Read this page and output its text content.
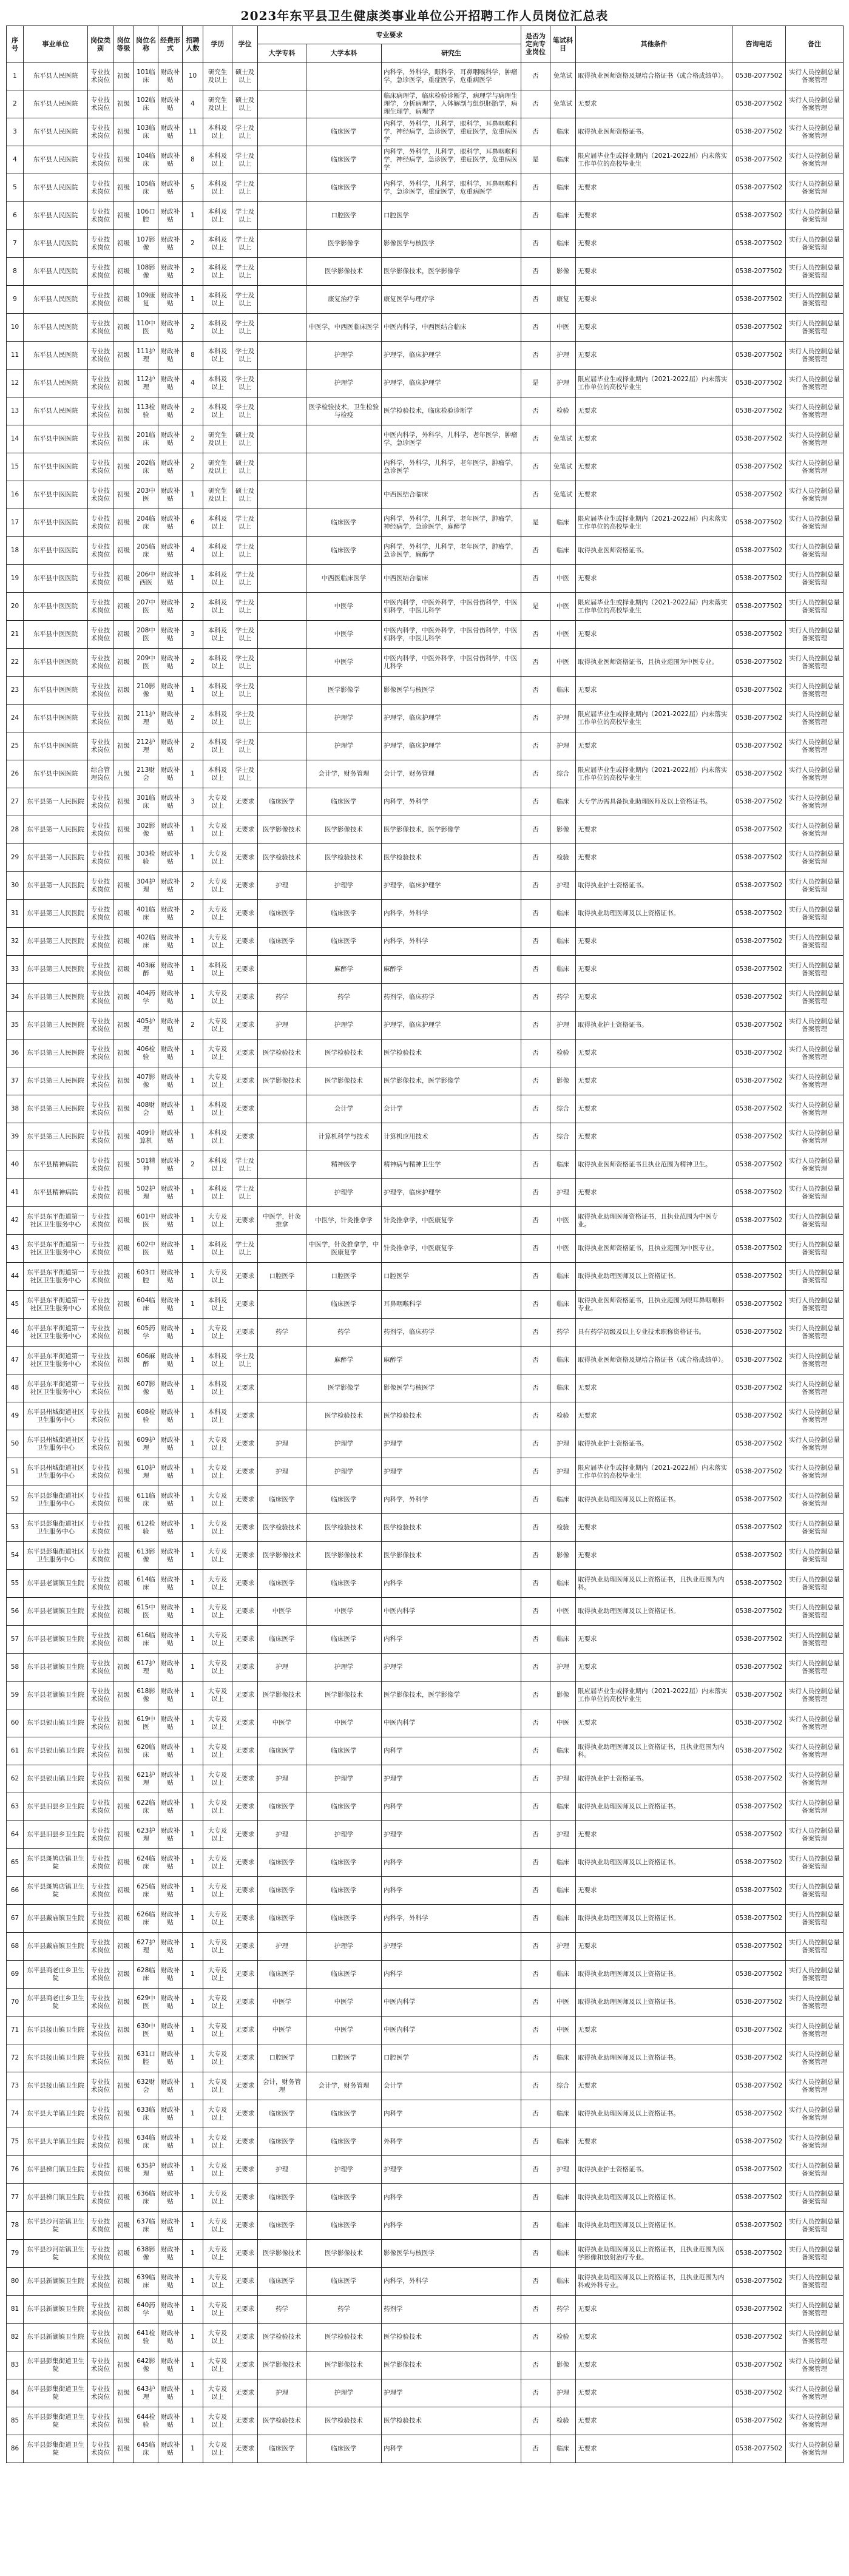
2023年东平县卫生健康类事业单位公开招聘工作人员岗位汇总表
序号	事业单位	岗位类别	岗位等级	岗位名称	经费形式	招聘人数	学历	学位	专业要求			是否为定向专业岗位	笔试科目	其他条件	咨询电话	备注
									大学专科	大学本科	研究生					
1	东平县人民医院	专业技术岗位	初级	101临床	财政补贴	10	研究生及以上	硕士及以上			内科学，外科学，眼科学，耳鼻咽喉科学，肿瘤学，急诊医学，重症医学，危重病医学	否	免笔试	取得执业医师资格及规培合格证书（或合格成绩单）。	0538-2077502	实行人员控制总量备案管理
2	东平县人民医院	专业技术岗位	初级	102临床	财政补贴	4	研究生及以上	硕士及以上			临床病理学，临床检验诊断学，病理学与病理生理学，分析病理学，人体解剖与组织胚胎学，病理生理学，病理学	否	免笔试	无要求	0538-2077502	实行人员控制总量备案管理
3	东平县人民医院	专业技术岗位	初级	103临床	财政补贴	11	本科及以上	学士及以上		临床医学	内科学，外科学，儿科学，眼科学，耳鼻咽喉科学，神经病学，急诊医学，重症医学，危重病医学	否	临床	取得执业医师资格证书。	0538-2077502	实行人员控制总量备案管理
4	东平县人民医院	专业技术岗位	初级	104临床	财政补贴	8	本科及以上	学士及以上		临床医学	内科学，外科学，儿科学，眼科学，耳鼻咽喉科学，神经病学，急诊医学，重症医学，危重病医学	是	临床	限应届毕业生或择业期内（2021-2022届）内未落实工作单位的高校毕业生	0538-2077502	实行人员控制总量备案管理
5	东平县人民医院	专业技术岗位	初级	105临床	财政补贴	5	本科及以上	学士及以上		临床医学	内科学，外科学，儿科学，眼科学，耳鼻咽喉科学，急诊医学，重症医学，危重病医学	否	临床	无要求	0538-2077502	实行人员控制总量备案管理
6	东平县人民医院	专业技术岗位	初级	106口腔	财政补贴	1	本科及以上	学士及以上		口腔医学	口腔医学	否	临床	无要求	0538-2077502	实行人员控制总量备案管理
7	东平县人民医院	专业技术岗位	初级	107影像	财政补贴	2	本科及以上	学士及以上		医学影像学	影像医学与核医学	否	临床	无要求	0538-2077502	实行人员控制总量备案管理
8	东平县人民医院	专业技术岗位	初级	108影像	财政补贴	2	本科及以上	学士及以上		医学影像技术	医学影像技术，医学影像学	否	影像	无要求	0538-2077502	实行人员控制总量备案管理
9	东平县人民医院	专业技术岗位	初级	109康复	财政补贴	1	本科及以上	学士及以上		康复治疗学	康复医学与理疗学	否	康复	无要求	0538-2077502	实行人员控制总量备案管理
10	东平县人民医院	专业技术岗位	初级	110中医	财政补贴	2	本科及以上	学士及以上		中医学，中西医临床医学	中医内科学，中西医结合临床	否	中医	无要求	0538-2077502	实行人员控制总量备案管理
11	东平县人民医院	专业技术岗位	初级	111护理	财政补贴	8	本科及以上	学士及以上		护理学	护理学，临床护理学	否	护理	无要求	0538-2077502	实行人员控制总量备案管理
12	东平县人民医院	专业技术岗位	初级	112护理	财政补贴	4	本科及以上	学士及以上		护理学	护理学，临床护理学	是	护理	限应届毕业生或择业期内（2021-2022届）内未落实工作单位的高校毕业生	0538-2077502	实行人员控制总量备案管理
13	东平县人民医院	专业技术岗位	初级	113检验	财政补贴	2	本科及以上	学士及以上		医学检验技术，卫生检验与检疫	医学检验技术，临床检验诊断学	否	检验	无要求	0538-2077502	实行人员控制总量备案管理
14	东平县中医医院	专业技术岗位	初级	201临床	财政补贴	2	研究生及以上	硕士及以上			中医内科学，外科学，儿科学，老年医学，肿瘤学，急诊医学	否	免笔试	无要求	0538-2077502	实行人员控制总量备案管理
15	东平县中医医院	专业技术岗位	初级	202临床	财政补贴	2	研究生及以上	硕士及以上			内科学，外科学，儿科学，老年医学，肿瘤学，急诊医学	否	免笔试	无要求	0538-2077502	实行人员控制总量备案管理
16	东平县中医医院	专业技术岗位	初级	203中医	财政补贴	1	研究生及以上	硕士及以上			中西医结合临床	否	免笔试	无要求	0538-2077502	实行人员控制总量备案管理
17	东平县中医医院	专业技术岗位	初级	204临床	财政补贴	6	本科及以上	学士及以上		临床医学	内科学，外科学，儿科学，老年医学，肿瘤学，神经病学，急诊医学，麻醉学	是	临床	限应届毕业生或择业期内（2021-2022届）内未落实工作单位的高校毕业生	0538-2077502	实行人员控制总量备案管理
18	东平县中医医院	专业技术岗位	初级	205临床	财政补贴	4	本科及以上	学士及以上		临床医学	内科学，外科学，儿科学，老年医学，肿瘤学，急诊医学，麻醉学	否	临床	取得执业医师资格证书。	0538-2077502	实行人员控制总量备案管理
19	东平县中医医院	专业技术岗位	初级	206中西医	财政补贴	1	本科及以上	学士及以上		中西医临床医学	中西医结合临床	否	中医	无要求	0538-2077502	实行人员控制总量备案管理
20	东平县中医医院	专业技术岗位	初级	207中医	财政补贴	2	本科及以上	学士及以上		中医学	中医内科学，中医外科学，中医骨伤科学，中医妇科学，中医儿科学	是	中医	限应届毕业生或择业期内（2021-2022届）内未落实工作单位的高校毕业生	0538-2077502	实行人员控制总量备案管理
21	东平县中医医院	专业技术岗位	初级	208中医	财政补贴	3	本科及以上	学士及以上		中医学	中医内科学，中医外科学，中医骨伤科学，中医妇科学，中医儿科学	否	中医	无要求	0538-2077502	实行人员控制总量备案管理
22	东平县中医医院	专业技术岗位	初级	209中医	财政补贴	2	本科及以上	学士及以上		中医学	中医内科学，中医外科学，中医骨伤科学，中医儿科学	否	中医	取得执业医师资格证书，且执业范围为中医专业。	0538-2077502	实行人员控制总量备案管理
23	东平县中医医院	专业技术岗位	初级	210影像	财政补贴	1	本科及以上	学士及以上		医学影像学	影像医学与核医学	否	临床	无要求	0538-2077502	实行人员控制总量备案管理
24	东平县中医医院	专业技术岗位	初级	211护理	财政补贴	2	本科及以上	学士及以上		护理学	护理学，临床护理学	否	护理	限应届毕业生或择业期内（2021-2022届）内未落实工作单位的高校毕业生	0538-2077502	实行人员控制总量备案管理
25	东平县中医医院	专业技术岗位	初级	212护理	财政补贴	2	本科及以上	学士及以上		护理学	护理学，临床护理学	否	护理	无要求	0538-2077502	实行人员控制总量备案管理
26	东平县中医医院	综合管理岗位	九级	213财会	财政补贴	1	本科及以上	学士及以上		会计学，财务管理	会计学，财务管理	否	综合	限应届毕业生或择业期内（2021-2022届）内未落实工作单位的高校毕业生	0538-2077502	实行人员控制总量备案管理
27	东平县第一人民医院	专业技术岗位	初级	301临床	财政补贴	3	大专及以上	无要求	临床医学	临床医学	内科学，外科学	否	临床	大专学历需具备执业助理医师及以上资格证书。	0538-2077502	实行人员控制总量备案管理
28	东平县第一人民医院	专业技术岗位	初级	302影像	财政补贴	1	大专及以上	无要求	医学影像技术	医学影像技术	医学影像技术，医学影像学	否	影像	无要求	0538-2077502	实行人员控制总量备案管理
29	东平县第一人民医院	专业技术岗位	初级	303检验	财政补贴	1	大专及以上	无要求	医学检验技术	医学检验技术	医学检验技术	否	检验	无要求	0538-2077502	实行人员控制总量备案管理
30	东平县第一人民医院	专业技术岗位	初级	304护理	财政补贴	2	大专及以上	无要求	护理	护理学	护理学，临床护理学	否	护理	取得执业护士资格证书。	0538-2077502	实行人员控制总量备案管理
31	东平县第三人民医院	专业技术岗位	初级	401临床	财政补贴	2	大专及以上	无要求	临床医学	临床医学	内科学，外科学	否	临床	取得执业助理医师及以上资格证书。	0538-2077502	实行人员控制总量备案管理
32	东平县第三人民医院	专业技术岗位	初级	402临床	财政补贴	1	大专及以上	无要求	临床医学	临床医学	内科学，外科学	否	临床	无要求	0538-2077502	实行人员控制总量备案管理
33	东平县第三人民医院	专业技术岗位	初级	403麻醉	财政补贴	1	本科及以上	无要求		麻醉学	麻醉学	否	临床	无要求	0538-2077502	实行人员控制总量备案管理
34	东平县第三人民医院	专业技术岗位	初级	404药学	财政补贴	1	大专及以上	无要求	药学	药学	药剂学，临床药学	否	药学	无要求	0538-2077502	实行人员控制总量备案管理
35	东平县第三人民医院	专业技术岗位	初级	405护理	财政补贴	2	大专及以上	无要求	护理	护理学	护理学，临床护理学	否	护理	取得执业护士资格证书。	0538-2077502	实行人员控制总量备案管理
36	东平县第三人民医院	专业技术岗位	初级	406检验	财政补贴	1	大专及以上	无要求	医学检验技术	医学检验技术	医学检验技术	否	检验	无要求	0538-2077502	实行人员控制总量备案管理
37	东平县第三人民医院	专业技术岗位	初级	407影像	财政补贴	1	大专及以上	无要求	医学影像技术	医学影像技术	医学影像技术，医学影像学	否	影像	无要求	0538-2077502	实行人员控制总量备案管理
38	东平县第三人民医院	专业技术岗位	初级	408财会	财政补贴	1	本科及以上	无要求		会计学	会计学	否	综合	无要求	0538-2077502	实行人员控制总量备案管理
39	东平县第三人民医院	专业技术岗位	初级	409计算机	财政补贴	1	本科及以上	无要求		计算机科学与技术	计算机应用技术	否	综合	无要求	0538-2077502	实行人员控制总量备案管理
40	东平县精神病院	专业技术岗位	初级	501精神	财政补贴	2	本科及以上	学士及以上		精神医学	精神病与精神卫生学	否	临床	取得执业医师资格证书且执业范围为精神卫生。	0538-2077502	实行人员控制总量备案管理
41	东平县精神病院	专业技术岗位	初级	502护理	财政补贴	1	本科及以上	学士及以上		护理学	护理学，临床护理学	否	护理	无要求	0538-2077502	实行人员控制总量备案管理
42	东平县东平街道第一社区卫生服务中心	专业技术岗位	初级	601中医	财政补贴	1	大专及以上	无要求	中医学，针灸推拿	中医学，针灸推拿学	针灸推拿学，中医康复学	否	中医	取得执业助理医师资格证书，且执业范围为中医专业。	0538-2077502	实行人员控制总量备案管理
43	东平县东平街道第一社区卫生服务中心	专业技术岗位	初级	602中医	财政补贴	1	本科及以上	学士及以上		中医学，针灸推拿学，中医康复学	针灸推拿学，中医康复学	否	中医	取得执业医师资格证书，且执业范围为中医专业。	0538-2077502	实行人员控制总量备案管理
44	东平县东平街道第一社区卫生服务中心	专业技术岗位	初级	603口腔	财政补贴	1	大专及以上	无要求	口腔医学	口腔医学	口腔医学	否	临床	取得执业助理医师及以上资格证书。	0538-2077502	实行人员控制总量备案管理
45	东平县东平街道第一社区卫生服务中心	专业技术岗位	初级	604临床	财政补贴	1	本科及以上	无要求		临床医学	耳鼻咽喉科学	否	临床	取得执业医师资格证书，且执业范围为眼耳鼻咽喉科专业。	0538-2077502	实行人员控制总量备案管理
46	东平县东平街道第一社区卫生服务中心	专业技术岗位	初级	605药学	财政补贴	1	大专及以上	无要求	药学	药学	药剂学，临床药学	否	药学	具有药学初级及以上专业技术职称资格证书。	0538-2077502	实行人员控制总量备案管理
47	东平县东平街道第一社区卫生服务中心	专业技术岗位	初级	606麻醉	财政补贴	1	本科及以上	学士及以上		麻醉学	麻醉学	否	临床	取得执业医师资格及规培合格证书（或合格成绩单）。	0538-2077502	实行人员控制总量备案管理
48	东平县东平街道第一社区卫生服务中心	专业技术岗位	初级	607影像	财政补贴	1	本科及以上	无要求		医学影像学	影像医学与核医学	否	临床	无要求	0538-2077502	实行人员控制总量备案管理
49	东平县州城街道社区卫生服务中心	专业技术岗位	初级	608检验	财政补贴	1	本科及以上	无要求		医学检验技术	医学检验技术	否	检验	无要求	0538-2077502	实行人员控制总量备案管理
50	东平县州城街道社区卫生服务中心	专业技术岗位	初级	609护理	财政补贴	1	大专及以上	无要求	护理	护理学	护理学	否	护理	取得执业护士资格证书。	0538-2077502	实行人员控制总量备案管理
51	东平县州城街道社区卫生服务中心	专业技术岗位	初级	610护理	财政补贴	1	大专及以上	无要求	护理	护理学	护理学	否	护理	限应届毕业生或择业期内（2021-2022届）内未落实工作单位的高校毕业生	0538-2077502	实行人员控制总量备案管理
52	东平县彭集街道社区卫生服务中心	专业技术岗位	初级	611临床	财政补贴	1	大专及以上	无要求	临床医学	临床医学	内科学，外科学	否	临床	取得执业助理医师及以上资格证书。	0538-2077502	实行人员控制总量备案管理
53	东平县彭集街道社区卫生服务中心	专业技术岗位	初级	612检验	财政补贴	1	大专及以上	无要求	医学检验技术	医学检验技术	医学检验技术	否	检验	无要求	0538-2077502	实行人员控制总量备案管理
54	东平县彭集街道社区卫生服务中心	专业技术岗位	初级	613影像	财政补贴	1	大专及以上	无要求	医学影像技术	医学影像技术	医学影像技术	否	影像	无要求	0538-2077502	实行人员控制总量备案管理
55	东平县老湖镇卫生院	专业技术岗位	初级	614临床	财政补贴	1	大专及以上	无要求	临床医学	临床医学	内科学	否	临床	取得执业助理医师及以上资格证书，且执业范围为内科。	0538-2077502	实行人员控制总量备案管理
56	东平县老湖镇卫生院	专业技术岗位	初级	615中医	财政补贴	1	大专及以上	无要求	中医学	中医学	中医内科学	否	中医	取得执业助理医师及以上资格证书。	0538-2077502	实行人员控制总量备案管理
57	东平县老湖镇卫生院	专业技术岗位	初级	616临床	财政补贴	1	大专及以上	无要求	临床医学	临床医学	内科学	否	临床	无要求	0538-2077502	实行人员控制总量备案管理
58	东平县老湖镇卫生院	专业技术岗位	初级	617护理	财政补贴	1	大专及以上	无要求	护理	护理学	护理学	否	护理	无要求	0538-2077502	实行人员控制总量备案管理
59	东平县老湖镇卫生院	专业技术岗位	初级	618影像	财政补贴	1	大专及以上	无要求	医学影像技术	医学影像技术	医学影像技术，医学影像学	否	影像	限应届毕业生或择业期内（2021-2022届）内未落实工作单位的高校毕业生	0538-2077502	实行人员控制总量备案管理
60	东平县银山镇卫生院	专业技术岗位	初级	619中医	财政补贴	1	大专及以上	无要求	中医学	中医学	中医内科学	否	中医	无要求	0538-2077502	实行人员控制总量备案管理
61	东平县银山镇卫生院	专业技术岗位	初级	620临床	财政补贴	1	大专及以上	无要求	临床医学	临床医学	内科学	否	临床	取得执业助理医师及以上资格证书，且执业范围为内科。	0538-2077502	实行人员控制总量备案管理
62	东平县银山镇卫生院	专业技术岗位	初级	621护理	财政补贴	1	大专及以上	无要求	护理	护理学	护理学	否	护理	取得执业护士资格证书。	0538-2077502	实行人员控制总量备案管理
63	东平县旧县乡卫生院	专业技术岗位	初级	622临床	财政补贴	1	大专及以上	无要求	临床医学	临床医学	内科学	否	临床	取得执业助理医师及以上资格证书。	0538-2077502	实行人员控制总量备案管理
64	东平县旧县乡卫生院	专业技术岗位	初级	623护理	财政补贴	1	大专及以上	无要求	护理	护理学	护理学	否	护理	无要求	0538-2077502	实行人员控制总量备案管理
65	东平县斑鸠店镇卫生院	专业技术岗位	初级	624临床	财政补贴	1	大专及以上	无要求	临床医学	临床医学	内科学	否	临床	取得执业助理医师及以上资格证书。	0538-2077502	实行人员控制总量备案管理
66	东平县斑鸠店镇卫生院	专业技术岗位	初级	625临床	财政补贴	1	大专及以上	无要求	临床医学	临床医学	内科学	否	临床	无要求	0538-2077502	实行人员控制总量备案管理
67	东平县戴庙镇卫生院	专业技术岗位	初级	626临床	财政补贴	1	大专及以上	无要求	临床医学	临床医学	内科学，外科学	否	临床	取得执业助理医师及以上资格证书。	0538-2077502	实行人员控制总量备案管理
68	东平县戴庙镇卫生院	专业技术岗位	初级	627护理	财政补贴	1	大专及以上	无要求	护理	护理学	护理学	否	护理	无要求	0538-2077502	实行人员控制总量备案管理
69	东平县商老庄乡卫生院	专业技术岗位	初级	628临床	财政补贴	1	大专及以上	无要求	临床医学	临床医学	内科学	否	临床	取得执业助理医师及以上资格证书。	0538-2077502	实行人员控制总量备案管理
70	东平县商老庄乡卫生院	专业技术岗位	初级	629中医	财政补贴	1	大专及以上	无要求	中医学	中医学	中医内科学	否	中医	取得执业助理医师及以上资格证书。	0538-2077502	实行人员控制总量备案管理
71	东平县接山镇卫生院	专业技术岗位	初级	630中医	财政补贴	1	大专及以上	无要求	中医学	中医学	中医内科学	否	中医	无要求	0538-2077502	实行人员控制总量备案管理
72	东平县接山镇卫生院	专业技术岗位	初级	631口腔	财政补贴	1	大专及以上	无要求	口腔医学	口腔医学	口腔医学	否	临床	取得执业助理医师及以上资格证书。	0538-2077502	实行人员控制总量备案管理
73	东平县接山镇卫生院	专业技术岗位	初级	632财会	财政补贴	1	大专及以上	无要求	会计，财务管理	会计学，财务管理	会计学	否	综合	无要求	0538-2077502	实行人员控制总量备案管理
74	东平县大羊镇卫生院	专业技术岗位	初级	633临床	财政补贴	1	大专及以上	无要求	临床医学	临床医学	内科学	否	临床	取得执业助理医师及以上资格证书。	0538-2077502	实行人员控制总量备案管理
75	东平县大羊镇卫生院	专业技术岗位	初级	634临床	财政补贴	1	大专及以上	无要求	临床医学	临床医学	外科学	否	临床	无要求	0538-2077502	实行人员控制总量备案管理
76	东平县梯门镇卫生院	专业技术岗位	初级	635护理	财政补贴	1	大专及以上	无要求	护理	护理学	护理学	否	护理	取得执业护士资格证书。	0538-2077502	实行人员控制总量备案管理
77	东平县梯门镇卫生院	专业技术岗位	初级	636临床	财政补贴	1	大专及以上	无要求	临床医学	临床医学	内科学	否	临床	取得执业助理医师及以上资格证书。	0538-2077502	实行人员控制总量备案管理
78	东平县沙河站镇卫生院	专业技术岗位	初级	637临床	财政补贴	1	大专及以上	无要求	临床医学	临床医学	内科学	否	临床	取得执业助理医师及以上资格证书。	0538-2077502	实行人员控制总量备案管理
79	东平县沙河站镇卫生院	专业技术岗位	初级	638影像	财政补贴	1	大专及以上	无要求	医学影像技术	医学影像技术	影像医学与核医学	否	临床	取得执业助理医师及以上资格证书，且执业范围为医学影像和放射治疗专业。	0538-2077502	实行人员控制总量备案管理
80	东平县新湖镇卫生院	专业技术岗位	初级	639临床	财政补贴	1	大专及以上	无要求	临床医学	临床医学	内科学，外科学	否	临床	取得执业助理医师及以上资格证书，且执业范围为内科或外科专业。	0538-2077502	实行人员控制总量备案管理
81	东平县新湖镇卫生院	专业技术岗位	初级	640药学	财政补贴	1	大专及以上	无要求	药学	药学	药剂学	否	药学	无要求	0538-2077502	实行人员控制总量备案管理
82	东平县新湖镇卫生院	专业技术岗位	初级	641检验	财政补贴	1	大专及以上	无要求	医学检验技术	医学检验技术	医学检验技术	否	检验	无要求	0538-2077502	实行人员控制总量备案管理
83	东平县彭集街道卫生院	专业技术岗位	初级	642影像	财政补贴	1	大专及以上	无要求	医学影像技术	医学影像技术	医学影像技术	否	影像	无要求	0538-2077502	实行人员控制总量备案管理
84	东平县彭集街道卫生院	专业技术岗位	初级	643护理	财政补贴	1	大专及以上	无要求	护理	护理学	护理学	否	护理	无要求	0538-2077502	实行人员控制总量备案管理
85	东平县彭集街道卫生院	专业技术岗位	初级	644检验	财政补贴	1	大专及以上	无要求	医学检验技术	医学检验技术	医学检验技术	否	检验	无要求	0538-2077502	实行人员控制总量备案管理
86	东平县彭集街道卫生院	专业技术岗位	初级	645临床	财政补贴	1	大专及以上	无要求	临床医学	临床医学	内科学	否	临床	无要求	0538-2077502	实行人员控制总量备案管理
